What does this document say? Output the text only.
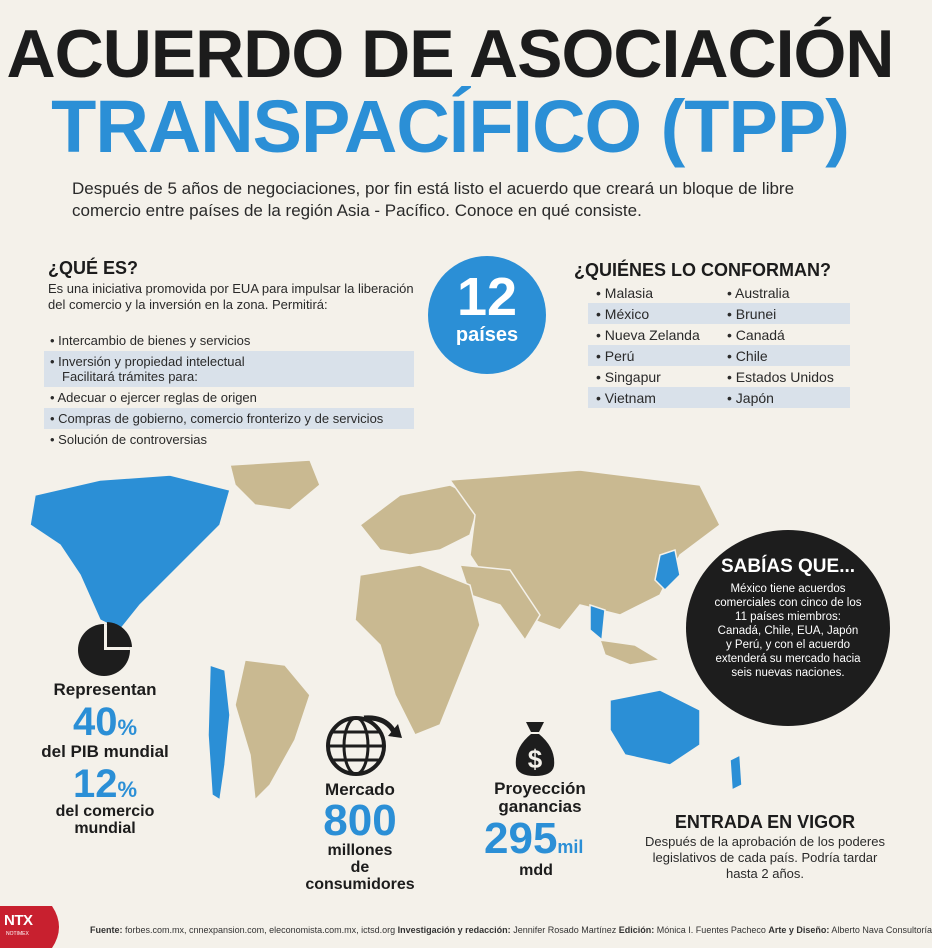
ACUERDO DE ASOCIACIÓN
TRANSPACÍFICO (TPP)
Después de 5 años de negociaciones, por fin está listo el acuerdo que creará un bloque de libre comercio entre países de la región Asia - Pacífico. Conoce en qué consiste.
¿QUÉ ES?
Es una iniciativa promovida por EUA para impulsar la liberación del comercio y la inversión en la zona. Permitirá:
• Intercambio de bienes y servicios
• Inversión y propiedad intelectual
Facilitará trámites para:
• Adecuar o ejercer reglas de origen
• Compras de gobierno, comercio fronterizo y de servicios
• Solución de controversias
12
países
¿QUIÉNES LO CONFORMAN?
• Malasia	• Australia
• México	• Brunei
• Nueva Zelanda	• Canadá
• Perú	• Chile
• Singapur	• Estados Unidos
• Vietnam	• Japón
SABÍAS QUE...
México tiene acuerdos comerciales con cinco de los 11 países miembros: Canadá, Chile, EUA, Japón y Perú, y con el acuerdo extenderá su mercado hacia seis nuevas naciones.
Representan
40%
del PIB mundial
12%
del comercio
mundial
Mercado
800
millones
de
consumidores
$
Proyección
ganancias
295mil
mdd
ENTRADA EN VIGOR
Después de la aprobación de los poderes legislativos de cada país. Podría tardar hasta 2 años.
NTX
NOTIMEX	Fuente: forbes.com.mx, cnnexpansion.com, eleconomista.com.mx, ictsd.org Investigación y redacción: Jennifer Rosado Martínez Edición: Mónica I. Fuentes Pacheco Arte y Diseño: Alberto Nava Consultoría
